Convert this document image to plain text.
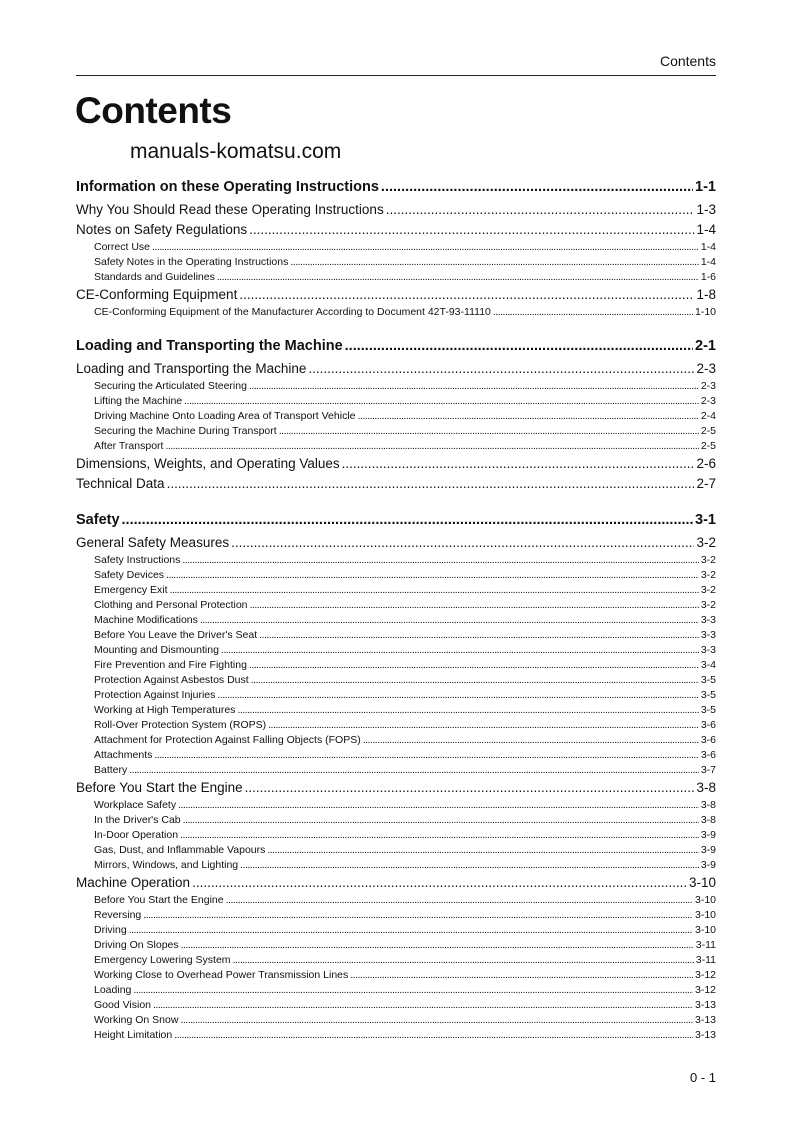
Contents
Contents
manuals-komatsu.com
Information on these Operating Instructions .....	1-1
Why You Should Read these Operating Instructions .....	1-3
Notes on Safety Regulations .....	1-4
Correct Use .....	1-4
Safety Notes in the Operating Instructions .....	1-4
Standards and Guidelines .....	1-6
CE-Conforming Equipment .....	1-8
CE-Conforming Equipment of the Manufacturer According to Document 42T-93-11110 .....	1-10
Loading and Transporting the Machine .....	2-1
Loading and Transporting the Machine .....	2-3
Securing the Articulated Steering .....	2-3
Lifting the Machine .....	2-3
Driving Machine Onto Loading Area of Transport Vehicle .....	2-4
Securing the Machine During Transport .....	2-5
After Transport .....	2-5
Dimensions, Weights, and Operating Values .....	2-6
Technical Data .....	2-7
Safety .....	3-1
General Safety Measures .....	3-2
Safety Instructions .....	3-2
Safety Devices .....	3-2
Emergency Exit .....	3-2
Clothing and Personal Protection .....	3-2
Machine Modifications .....	3-3
Before You Leave the Driver's Seat .....	3-3
Mounting and Dismounting .....	3-3
Fire Prevention and Fire Fighting .....	3-4
Protection Against Asbestos Dust .....	3-5
Protection Against Injuries .....	3-5
Working at High Temperatures .....	3-5
Roll-Over Protection System (ROPS) .....	3-6
Attachment for Protection Against Falling Objects (FOPS) .....	3-6
Attachments .....	3-6
Battery .....	3-7
Before You Start the Engine .....	3-8
Workplace Safety .....	3-8
In the Driver's Cab .....	3-8
In-Door Operation .....	3-9
Gas, Dust, and Inflammable Vapours .....	3-9
Mirrors, Windows, and Lighting .....	3-9
Machine Operation .....	3-10
Before You Start the Engine .....	3-10
Reversing .....	3-10
Driving .....	3-10
Driving On Slopes .....	3-11
Emergency Lowering System .....	3-11
Working Close to Overhead Power Transmission Lines .....	3-12
Loading .....	3-12
Good Vision .....	3-13
Working On Snow .....	3-13
Height Limitation .....	3-13
0 - 1
